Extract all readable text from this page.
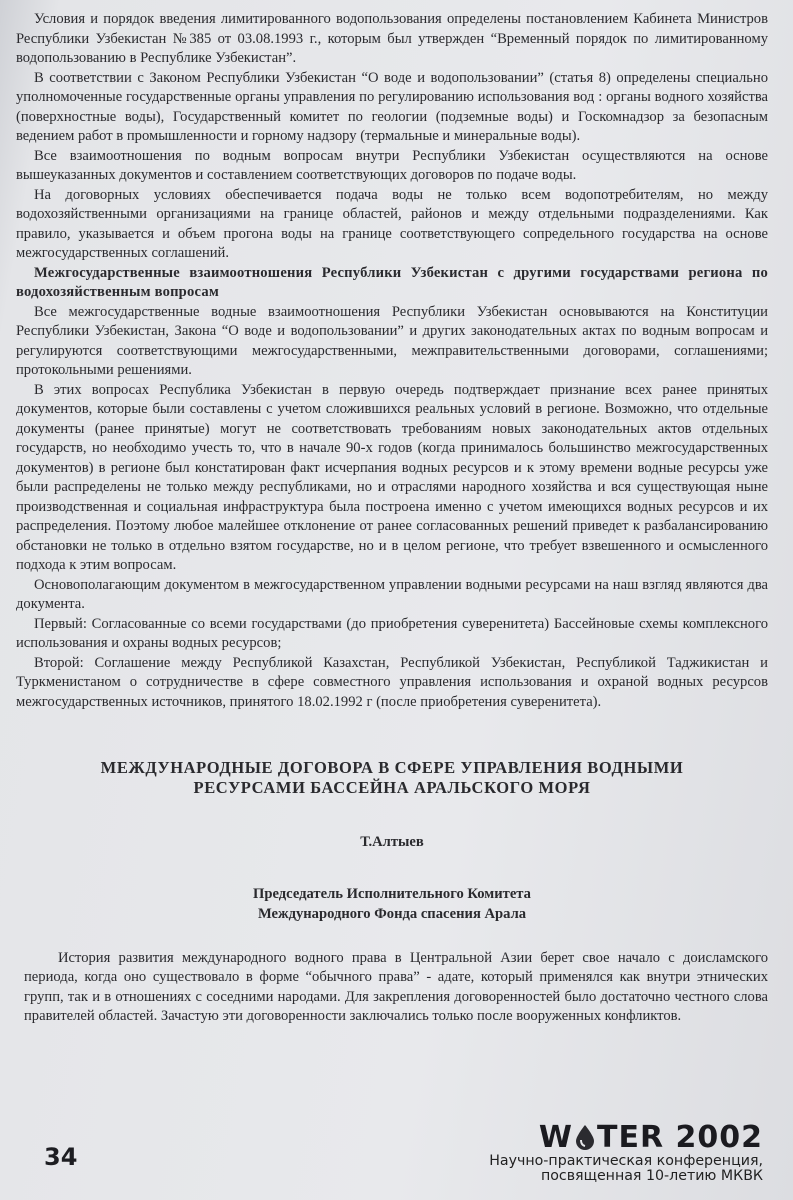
Условия и порядок введения лимитированного водопользования определены постановлением Кабинета Министров Республики Узбекистан №385 от 03.08.1993 г., которым был утвержден “Временный порядок по лимитированному водопользованию в Республике Узбекистан”.

В соответствии с Законом Республики Узбекистан “О воде и водопользовании” (статья 8) определены специально уполномоченные государственные органы управления по регулированию использования вод : органы водного хозяйства (поверхностные воды), Государственный комитет по геологии (подземные воды) и Госкомнадзор за безопасным ведением работ в промышленности и горному надзору (термальные и минеральные воды).

Все взаимоотношения по водным вопросам внутри Республики Узбекистан осуществляются на основе вышеуказанных документов и составлением соответствующих договоров по подаче воды.

На договорных условиях обеспечивается подача воды не только всем водопотребителям, но между водохозяйственными организациями на границе областей, районов и между отдельными подразделениями. Как правило, указывается и объем прогона воды на границе соответствующего сопредельного государства на основе межгосударственных соглашений.

Межгосударственные взаимоотношения Республики Узбекистан с другими государствами региона по водохозяйственным вопросам

Все межгосударственные водные взаимоотношения Республики Узбекистан основываются на Конституции Республики Узбекистан, Закона “О воде и водопользовании” и других законодательных актах по водным вопросам и регулируются соответствующими межгосударственными, межправительственными договорами, соглашениями; протокольными решениями.

В этих вопросах Республика Узбекистан в первую очередь подтверждает признание всех ранее принятых документов, которые были составлены с учетом сложившихся реальных условий в регионе. Возможно, что отдельные документы (ранее принятые) могут не соответствовать требованиям новых законодательных актов отдельных государств, но необходимо учесть то, что в начале 90-х годов (когда принималось большинство межгосударственных документов) в регионе был констатирован факт исчерпания водных ресурсов и к этому времени водные ресурсы уже были распределены не только между республиками, но и отраслями народного хозяйства и вся существующая ныне производственная и социальная инфраструктура была построена именно с учетом имеющихся водных ресурсов и их распределения. Поэтому любое малейшее отклонение от ранее согласованных решений приведет к разбалансированию обстановки не только в отдельно взятом государстве, но и в целом регионе, что требует взвешенного и осмысленного подхода к этим вопросам.

Основополагающим документом в межгосударственном управлении водными ресурсами на наш взгляд являются два документа.

Первый: Согласованные со всеми государствами (до приобретения суверенитета) Бассейновые схемы комплексного использования и охраны водных ресурсов;

Второй: Соглашение между Республикой Казахстан, Республикой Узбекистан, Республикой Таджикистан и Туркменистаном о сотрудничестве в сфере совместного управления использования и охраной водных ресурсов межгосударственных источников, принятого 18.02.1992 г (после приобретения суверенитета).

МЕЖДУНАРОДНЫЕ ДОГОВОРА В СФЕРЕ УПРАВЛЕНИЯ ВОДНЫМИ
РЕСУРСАМИ БАССЕЙНА АРАЛЬСКОГО МОРЯ
Т.Алтыев
Председатель Исполнительного Комитета
Международного Фонда спасения Арала

История развития международного водного права в Центральной Азии берет свое начало с доисламского периода, когда оно существовало в форме “обычного права” - адате, который применялся как внутри этнических групп, так и в отношениях с соседними народами. Для закрепления договоренностей было достаточно честного слова правителей областей. Зачастую эти договоренности заключались только после вооруженных конфликтов.

34
W TER 2002
Научно-практическая конференция,
посвященная 10-летию МКВК
